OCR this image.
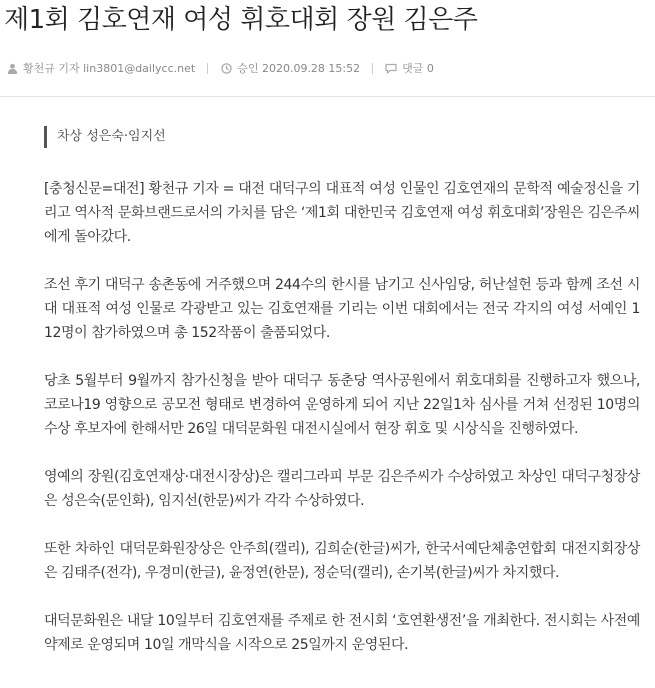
제1회 김호연재 여성 휘호대회 장원 김은주
황천규 기자 lin3801@dailycc.net	승인 2020.09.28 15:52	댓글 0
차상 성은숙·임지선

[충청신문=대전] 황천규 기자 = 대전 대덕구의 대표적 여성 인물인 김호연재의 문학적 예술정신을 기리고 역사적 문화브랜드로서의 가치를 담은 ‘제1회 대한민국 김호연재 여성 휘호대회’장원은 김은주씨에게 돌아갔다.

조선 후기 대덕구 송촌동에 거주했으며 244수의 한시를 남기고 신사임당, 허난설헌 등과 함께 조선 시대 대표적 여성 인물로 각광받고 있는 김호연재를 기리는 이번 대회에서는 전국 각지의 여성 서예인 112명이 참가하였으며 총 152작품이 출품되었다.

당초 5월부터 9월까지 참가신청을 받아 대덕구 동춘당 역사공원에서 휘호대회를 진행하고자 했으나, 코로나19 영향으로 공모전 형태로 변경하여 운영하게 되어 지난 22일1차 심사를 거쳐 선정된 10명의 수상 후보자에 한해서만 26일 대덕문화원 대전시실에서 현장 휘호 및 시상식을 진행하였다.

영예의 장원(김호연재상·대전시장상)은 캘리그라피 부문 김은주씨가 수상하였고 차상인 대덕구청장상은 성은숙(문인화), 임지선(한문)씨가 각각 수상하였다.

또한 차하인 대덕문화원장상은 안주희(캘리), 김희순(한글)씨가, 한국서예단체총연합회 대전지회장상은 김태주(전각), 우경미(한글), 윤정연(한문), 정순덕(캘리), 손기복(한글)씨가 차지했다.

대덕문화원은 내달 10일부터 김호연재를 주제로 한 전시회 ‘호연환생전’을 개최한다. 전시회는 사전예약제로 운영되며 10일 개막식을 시작으로 25일까지 운영된다.
